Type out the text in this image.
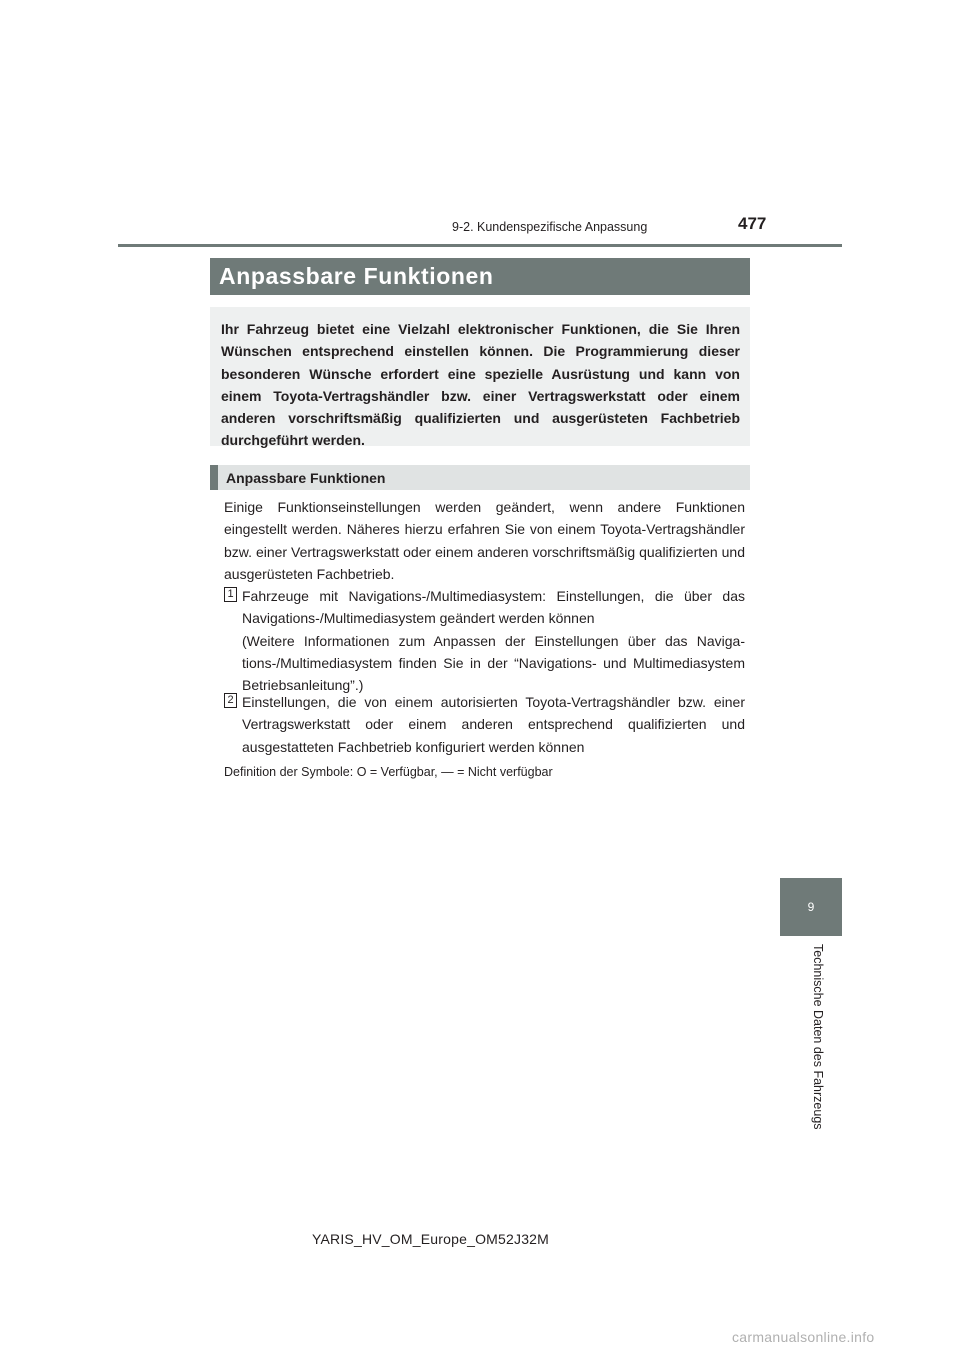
9-2. Kundenspezifische Anpassung	477
Anpassbare Funktionen

Ihr Fahrzeug bietet eine Vielzahl elektronischer Funktionen, die Sie Ihren Wünschen entsprechend einstellen können. Die Programmierung dieser besonderen Wünsche erfordert eine spezielle Ausrüstung und kann von einem Toyota-Vertragshändler bzw. einer Vertragswerkstatt oder einem anderen vorschriftsmäßig qualifizierten und ausgerüsteten Fachbetrieb durchgeführt werden.

Anpassbare Funktionen

Einige Funktionseinstellungen werden geändert, wenn andere Funktionen eingestellt werden. Näheres hierzu erfahren Sie von einem Toyota-Vertragshändler bzw. einer Vertragswerkstatt oder einem anderen vorschriftsmäßig qualifizierten und ausgerüsteten Fachbetrieb.

1 Fahrzeuge mit Navigations-/Multimediasystem: Einstellungen, die über das Navigations-/Multimediasystem geändert werden können

(Weitere Informationen zum Anpassen der Einstellungen über das Navigations-/Multimediasystem finden Sie in der “Navigations- und Multimediasystem Betriebsanleitung”.)

2 Einstellungen, die von einem autorisierten Toyota-Vertragshändler bzw. einer Vertragswerkstatt oder einem anderen entsprechend qualifizierten und ausgestatteten Fachbetrieb konfiguriert werden können

Definition der Symbole: O = Verfügbar, — = Nicht verfügbar
9
Technische Daten des Fahrzeugs
YARIS_HV_OM_Europe_OM52J32M
carmanualsonline.info
